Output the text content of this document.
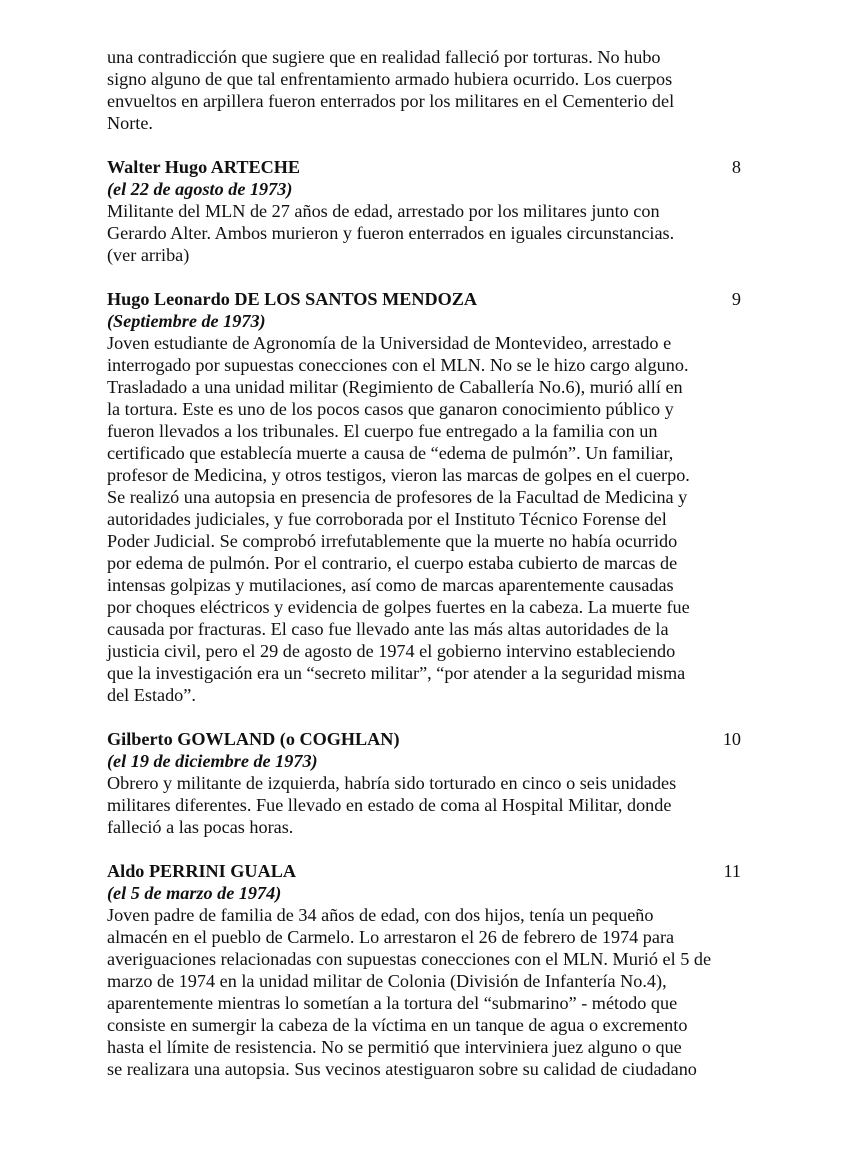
una contradicción que sugiere que en realidad falleció por torturas. No hubo
signo alguno de que tal enfrentamiento armado hubiera ocurrido. Los cuerpos
envueltos en arpillera fueron enterrados por los militares en el Cementerio del
Norte.

Walter Hugo ARTECHE	8
(el 22 de agosto de 1973)

Militante del MLN de 27 años de edad, arrestado por los militares junto con
Gerardo Alter. Ambos murieron y fueron enterrados en iguales circunstancias.
(ver arriba)

Hugo Leonardo DE LOS SANTOS MENDOZA	9
(Septiembre de 1973)

Joven estudiante de Agronomía de la Universidad de Montevideo, arrestado e
interrogado por supuestas conecciones con el MLN. No se le hizo cargo alguno.
Trasladado a una unidad militar (Regimiento de Caballería No.6), murió allí en
la tortura. Este es uno de los pocos casos que ganaron conocimiento público y
fueron llevados a los tribunales. El cuerpo fue entregado a la familia con un
certificado que establecía muerte a causa de “edema de pulmón”. Un familiar,
profesor de Medicina, y otros testigos, vieron las marcas de golpes en el cuerpo.
Se realizó una autopsia en presencia de profesores de la Facultad de Medicina y
autoridades judiciales, y fue corroborada por el Instituto Técnico Forense del
Poder Judicial. Se comprobó irrefutablemente que la muerte no había ocurrido
por edema de pulmón. Por el contrario, el cuerpo estaba cubierto de marcas de
intensas golpizas y mutilaciones, así como de marcas aparentemente causadas
por choques eléctricos y evidencia de golpes fuertes en la cabeza. La muerte fue
causada por fracturas. El caso fue llevado ante las más altas autoridades de la
justicia civil, pero el 29 de agosto de 1974 el gobierno intervino estableciendo
que la investigación era un “secreto militar”, “por atender a la seguridad misma
del Estado”.

Gilberto GOWLAND (o COGHLAN)	10
(el 19 de diciembre de 1973)

Obrero y militante de izquierda, habría sido torturado en cinco o seis unidades
militares diferentes. Fue llevado en estado de coma al Hospital Militar, donde
falleció a las pocas horas.

Aldo PERRINI GUALA	11
(el 5 de marzo de 1974)

Joven padre de familia de 34 años de edad, con dos hijos, tenía un pequeño
almacén en el pueblo de Carmelo. Lo arrestaron el 26 de febrero de 1974 para
averiguaciones relacionadas con supuestas conecciones con el MLN. Murió el 5 de
marzo de 1974 en la unidad militar de Colonia (División de Infantería No.4),
aparentemente mientras lo sometían a la tortura del “submarino” - método que
consiste en sumergir la cabeza de la víctima en un tanque de agua o excremento
hasta el límite de resistencia. No se permitió que interviniera juez alguno o que
se realizara una autopsia. Sus vecinos atestiguaron sobre su calidad de ciudadano
